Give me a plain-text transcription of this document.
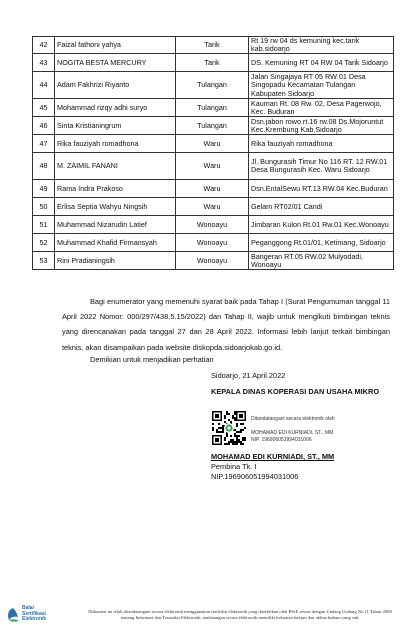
42	Faizal fathoni yahya	Tarik	Rt 19 rw 04 ds kemuning kec.tarik kab.sidoarjo
43	NOGITA BESTA MERCURY	Tarik	DS. Kemuning RT 04 RW 04 Tarik Sidoarjo
44	Adam Fakhrizi Riyanto	Tulangan	Jalan Singajaya RT 05 RW 01 Desa Singopadu Kecamatan Tulangan Kabupaten Sidoarjo
45	Mohammad rizqy adhi suryo	Tulangan	Kauman Rt. 08 Rw. 02, Desa Pagerwojo, Kec. Buduran
46	Sinta Kristianingrum	Tulangan	Dsn.jabon rowo rt.16 rw.08 Ds.Mojoruntut Kec.Krembung Kab.Sidoarjo
47	Rika fauziyah romadhona	Waru	Rika fauziyah romadhona
48	M. ZAIMIL FANANI	Waru	Jl. Bungurasih Timur No 116 RT. 12 RW.01 Desa Bungurasih Kec. Waru Sidoarjo
49	Rama Indra Prakoso	Waru	Dsn.EntalSewu RT.13 RW.04 Kec.Buduran
50	Erlisa Septia Wahyu Ningsih	Waru	Gelam RT02/01 Candi
51	Muhammad Nizarudin Latief	Wonoayu	Jimbaran Kulon Rt.01 Rw.01 Kec.Wonoayu
52	Muhammad Khafid Firmansyah	Wonoayu	Peganggong Rt.01/01, Ketimang, Sidoarjo
53	Rini Pradianingsih	Wonoayu	Bangeran RT.05 RW.02 Mulyodadi, Wonoayu
Bagi enumerator yang memenuhi syarat baik pada Tahap I (Surat Pengumuman tanggal 11 April 2022 Nomor: 000/297/438.5.15/2022) dan Tahap II, wajib untuk mengikuti bimbingan teknis yang direncanakan pada tanggal 27 dan 28 April 2022. Informasi lebih lanjut terkait bimbingan teknis, akan disampaikan pada website diskopda.sidoarjokab.go.id.
Demikian untuk menjadikan perhatian
Sidoarjo, 21 April 2022
KEPALA DINAS KOPERASI DAN USAHA MIKRO
Ditandatangani secara elektronik oleh
MOHAMAD EDI KURNIADI, ST., MM
NIP. 196906051994031006
MOHAMAD EDI KURNIADI, ST., MM
Pembina Tk. I
NIP.196906051994031006
Balai
Sertifikasi
Elektronik
Dokumen ini telah ditandatangani secara elektronik menggunakan sertifikat elektronik yang diterbitkan oleh BSrE sesuai dengan Undang Undang No 11 Tahun 2008 tentang Informasi dan Transaksi Elektronik, tandatangan secara elektronik memiliki kekuatan hukum dan akibat hukum yang sah.
